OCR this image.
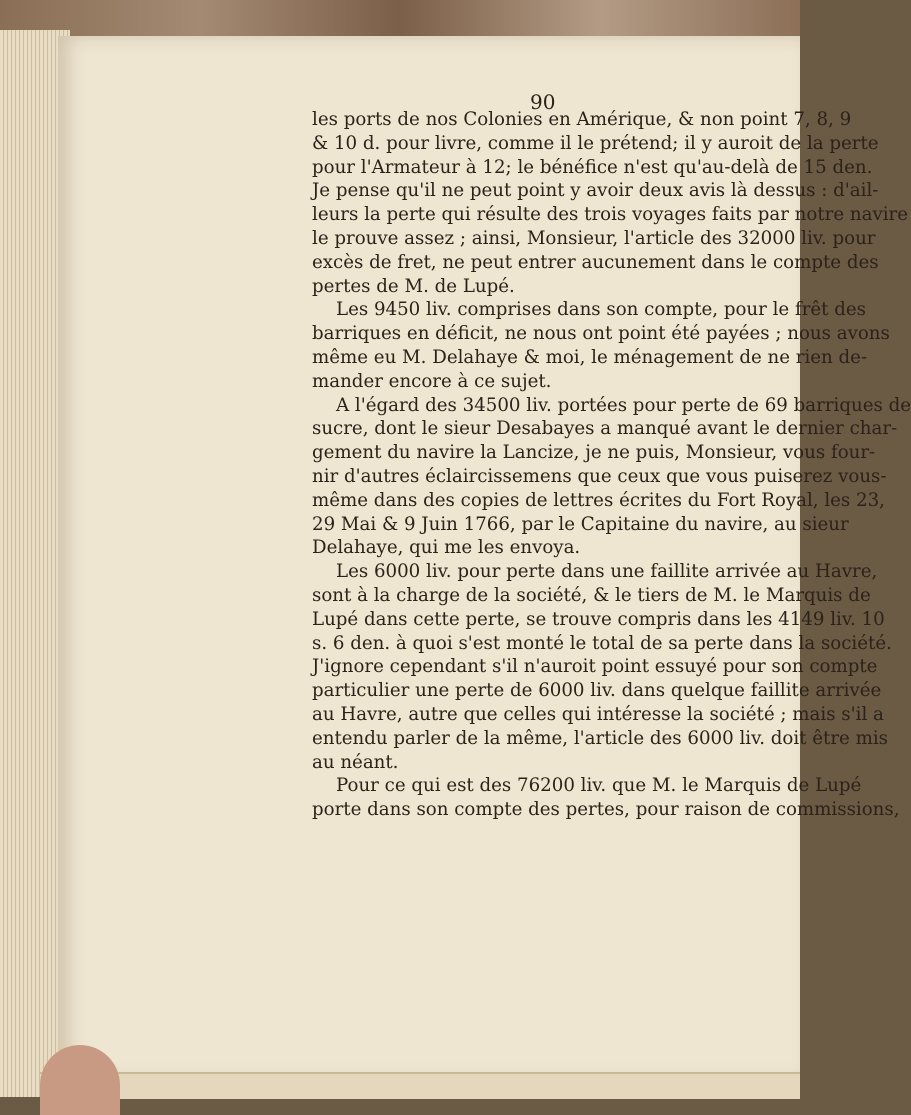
90
les ports de nos Colonies en Amérique, & non point 7, 8, 9
& 10 d. pour livre, comme il le prétend; il y auroit de la perte
pour l'Armateur à 12; le bénéfice n'est qu'au-delà de 15 den.
Je pense qu'il ne peut point y avoir deux avis là dessus : d'ail-
leurs la perte qui résulte des trois voyages faits par notre navire
le prouve assez ; ainsi, Monsieur, l'article des 32000 liv. pour
excès de fret, ne peut entrer aucunement dans le compte des
pertes de M. de Lupé.
Les 9450 liv. comprises dans son compte, pour le frêt des
barriques en déficit, ne nous ont point été payées ; nous avons
même eu M. Delahaye & moi, le ménagement de ne rien de-
mander encore à ce sujet.
A l'égard des 34500 liv. portées pour perte de 69 barriques de
sucre, dont le sieur Desabayes a manqué avant le dernier char-
gement du navire la Lancize, je ne puis, Monsieur, vous four-
nir d'autres éclaircissemens que ceux que vous puiserez vous-
même dans des copies de lettres écrites du Fort Royal, les 23,
29 Mai & 9 Juin 1766, par le Capitaine du navire, au sieur
Delahaye, qui me les envoya.
Les 6000 liv. pour perte dans une faillite arrivée au Havre,
sont à la charge de la société, & le tiers de M. le Marquis de
Lupé dans cette perte, se trouve compris dans les 4149 liv. 10
s. 6 den. à quoi s'est monté le total de sa perte dans la société.
J'ignore cependant s'il n'auroit point essuyé pour son compte
particulier une perte de 6000 liv. dans quelque faillite arrivée
au Havre, autre que celles qui intéresse la société ; mais s'il a
entendu parler de la même, l'article des 6000 liv. doit être mis
au néant.
Pour ce qui est des 76200 liv. que M. le Marquis de Lupé
porte dans son compte des pertes, pour raison de commissions,
